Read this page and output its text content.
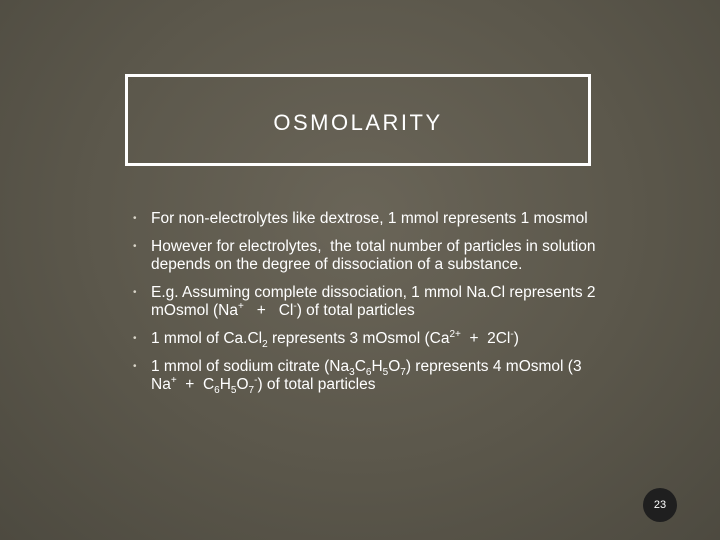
OSMOLARITY
• For non-electrolytes like dextrose, 1 mmol represents 1 mosmol
• However for electrolytes,  the total number of particles in solution depends on the degree of dissociation of a substance.
• E.g. Assuming complete dissociation, 1 mmol Na.Cl represents 2 mOsmol (Na+   +   Cl-) of total particles
• 1 mmol of $Ca.Cl_2$ represents 3 mOsmol $(Ca^{2+} + 2Cl^-)$
• 1 mmol of sodium citrate $(Na_3C_6H_5O_7)$ represents 4 mOsmol (3 $Na^+ + C_6H_5O_7^-$) of total particles
23
